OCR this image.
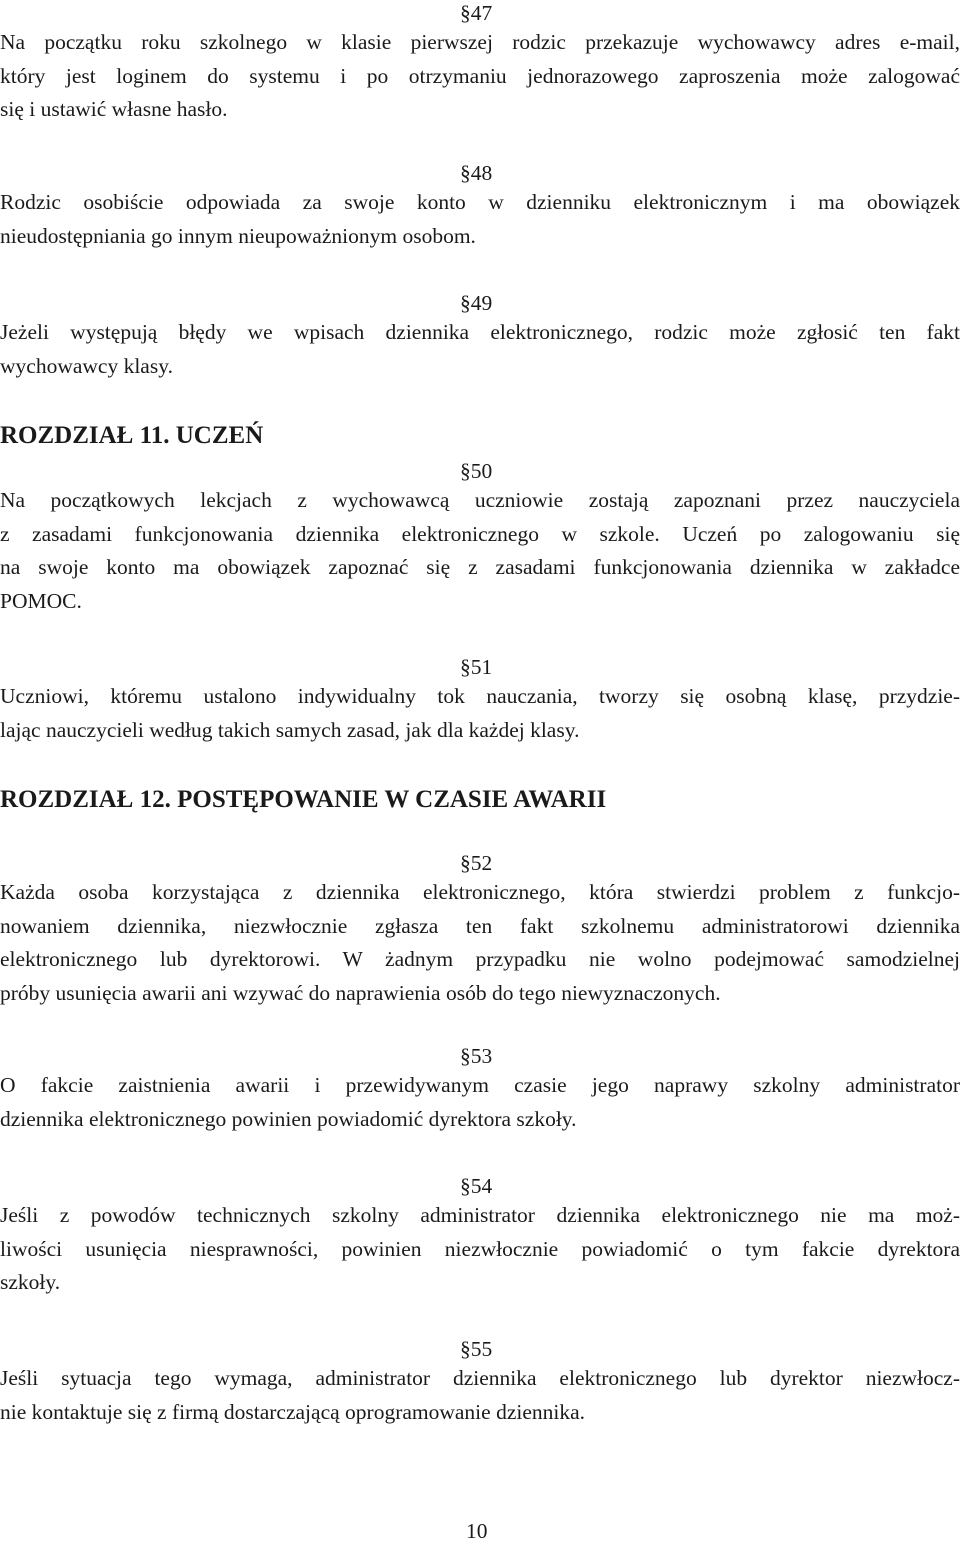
§47
Na początku roku szkolnego w klasie pierwszej rodzic przekazuje wychowawcy adres e-mail,
który jest loginem do systemu i po otrzymaniu jednorazowego zaproszenia może zalogować
się i ustawić własne hasło.
§48
Rodzic osobiście odpowiada za swoje konto w dzienniku elektronicznym i ma obowiązek
nieudostępniania go innym nieupoważnionym osobom.
§49
Jeżeli występują błędy we wpisach dziennika elektronicznego, rodzic może zgłosić ten fakt
wychowawcy klasy.
ROZDZIAŁ 11. UCZEŃ
§50
Na początkowych lekcjach z wychowawcą uczniowie zostają zapoznani przez nauczyciela
z zasadami funkcjonowania dziennika elektronicznego w szkole. Uczeń po zalogowaniu się
na swoje konto ma obowiązek zapoznać się z zasadami funkcjonowania dziennika w zakładce
POMOC.
§51
Uczniowi, któremu ustalono indywidualny tok nauczania, tworzy się osobną klasę, przydzie-
lając nauczycieli według takich samych zasad, jak dla każdej klasy.
ROZDZIAŁ 12. POSTĘPOWANIE W CZASIE AWARII
§52
Każda osoba korzystająca z dziennika elektronicznego, która stwierdzi problem z funkcjo-
nowaniem dziennika, niezwłocznie zgłasza ten fakt szkolnemu administratorowi dziennika
elektronicznego lub dyrektorowi. W żadnym przypadku nie wolno podejmować samodzielnej
próby usunięcia awarii ani wzywać do naprawienia osób do tego niewyznaczonych.
§53
O fakcie zaistnienia awarii i przewidywanym czasie jego naprawy szkolny administrator
dziennika elektronicznego powinien powiadomić dyrektora szkoły.
§54
Jeśli z powodów technicznych szkolny administrator dziennika elektronicznego nie ma moż-
liwości usunięcia niesprawności, powinien niezwłocznie powiadomić o tym fakcie dyrektora
szkoły.
§55
Jeśli sytuacja tego wymaga, administrator dziennika elektronicznego lub dyrektor niezwłocz-
nie kontaktuje się z firmą dostarczającą oprogramowanie dziennika.
10
